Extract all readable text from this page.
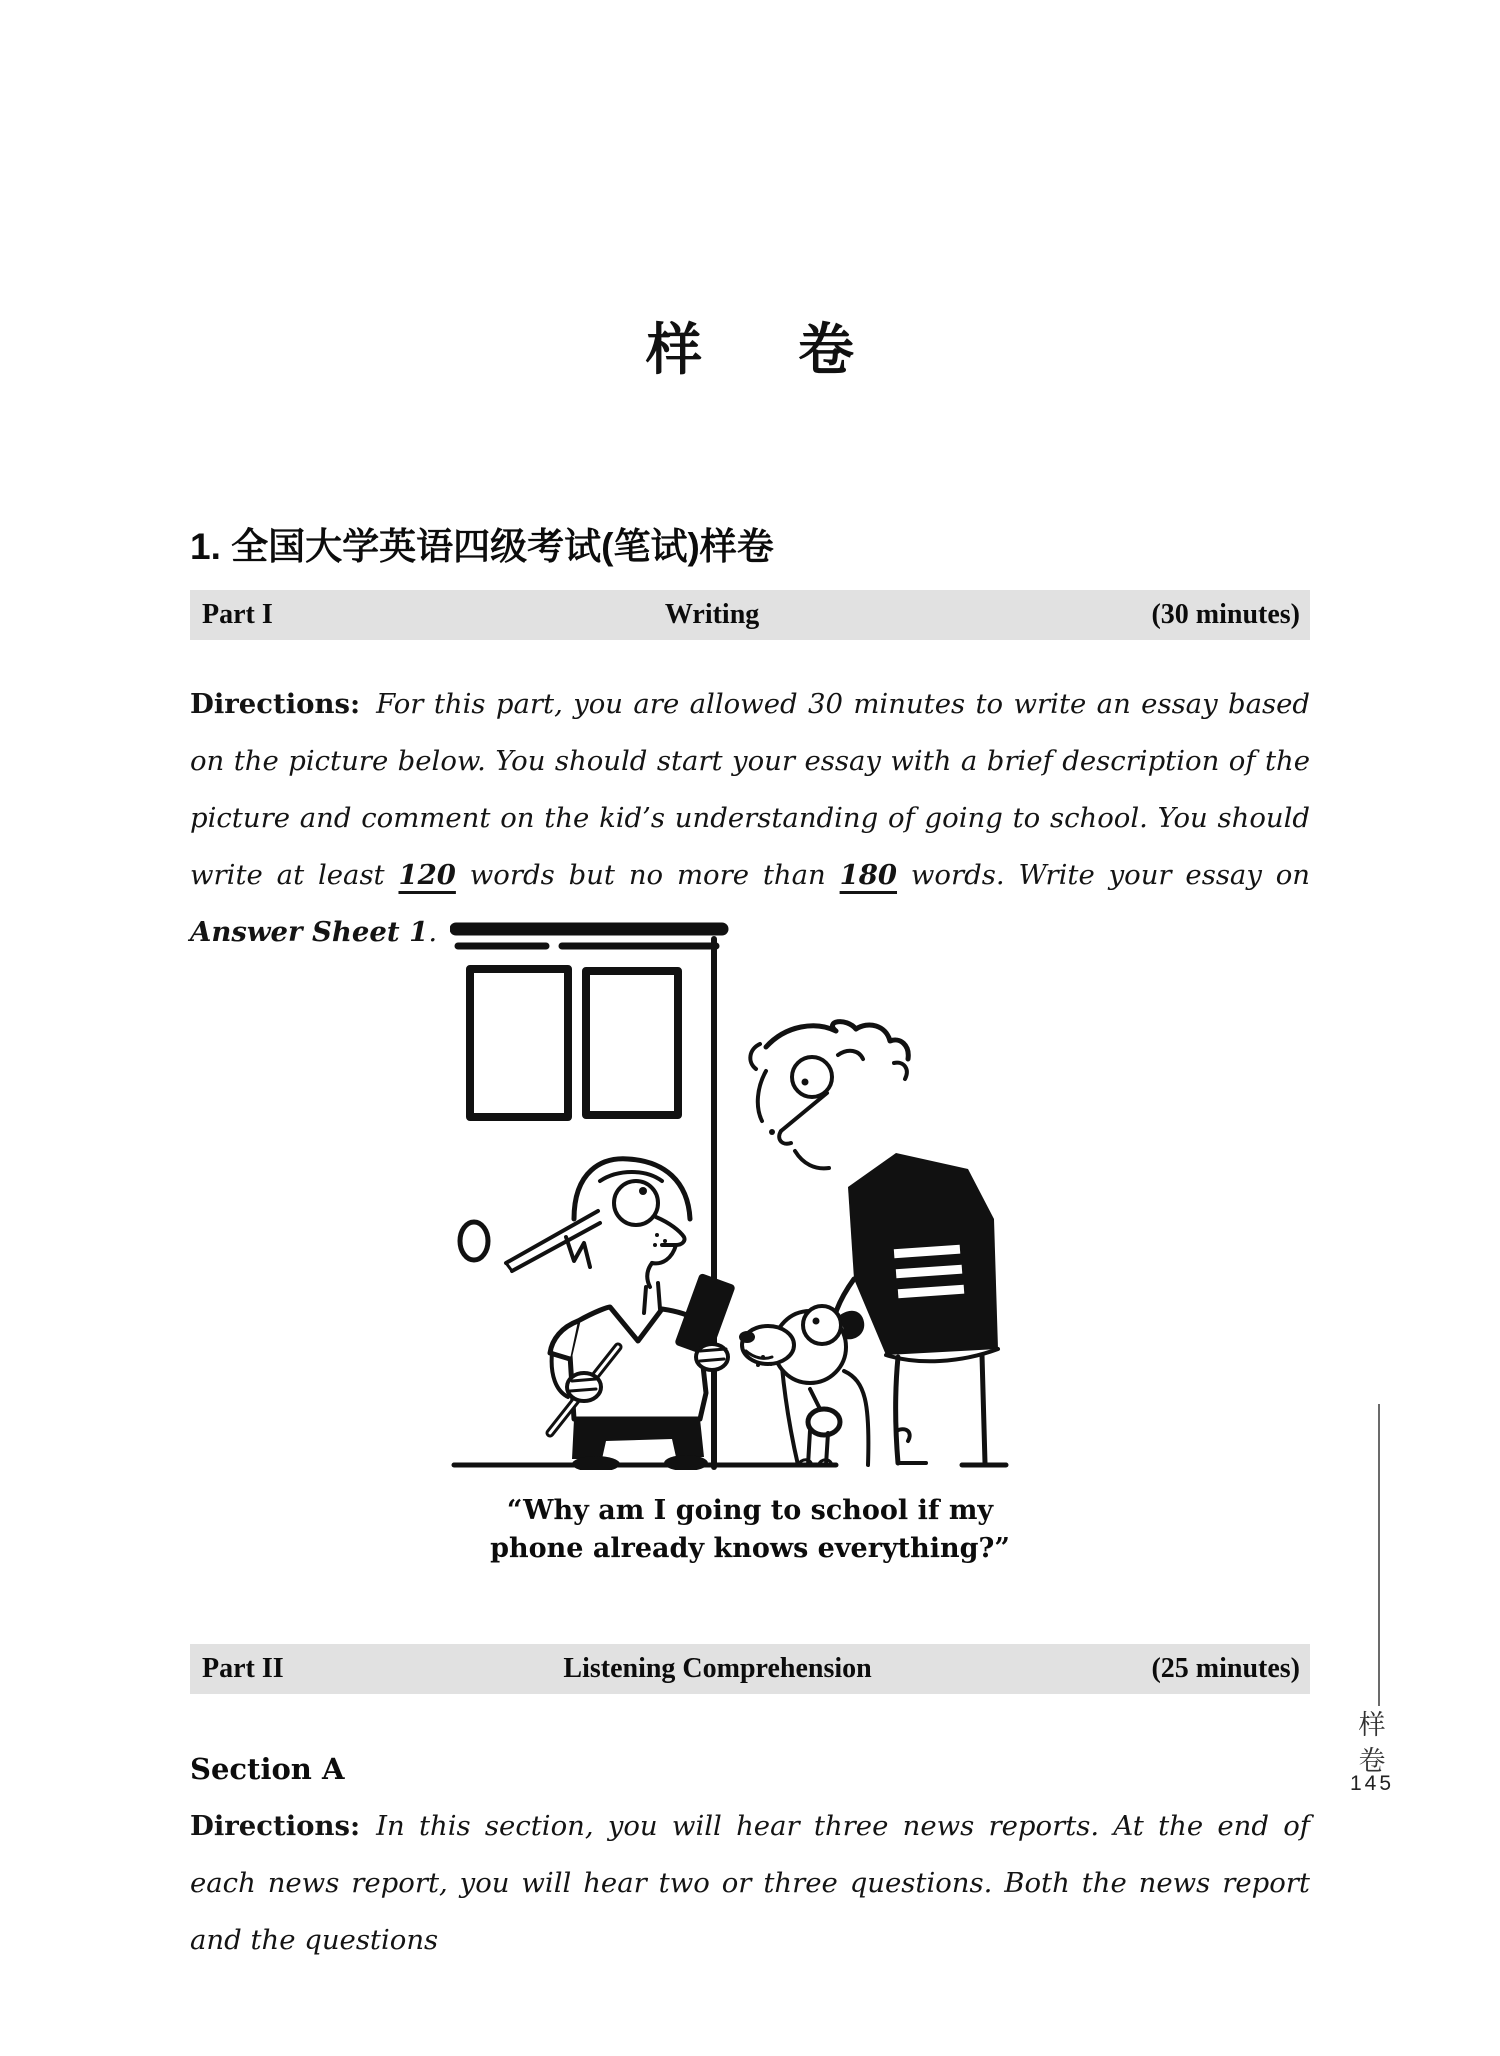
样 卷
1. 全国大学英语四级考试(笔试)样卷
Part I	Writing	(30 minutes)
Directions: For this part, you are allowed 30 minutes to write an essay based on the picture below. You should start your essay with a brief description of the picture and comment on the kid’s understanding of going to school. You should write at least 120 words but no more than 180 words. Write your essay on Answer Sheet 1.
“Why am I going to school if my
phone already knows everything?”
Part II	Listening Comprehension	(25 minutes)
Section A
Directions: In this section, you will hear three news reports. At the end of each news report, you will hear two or three questions. Both the news report and the questions
样
卷
145
